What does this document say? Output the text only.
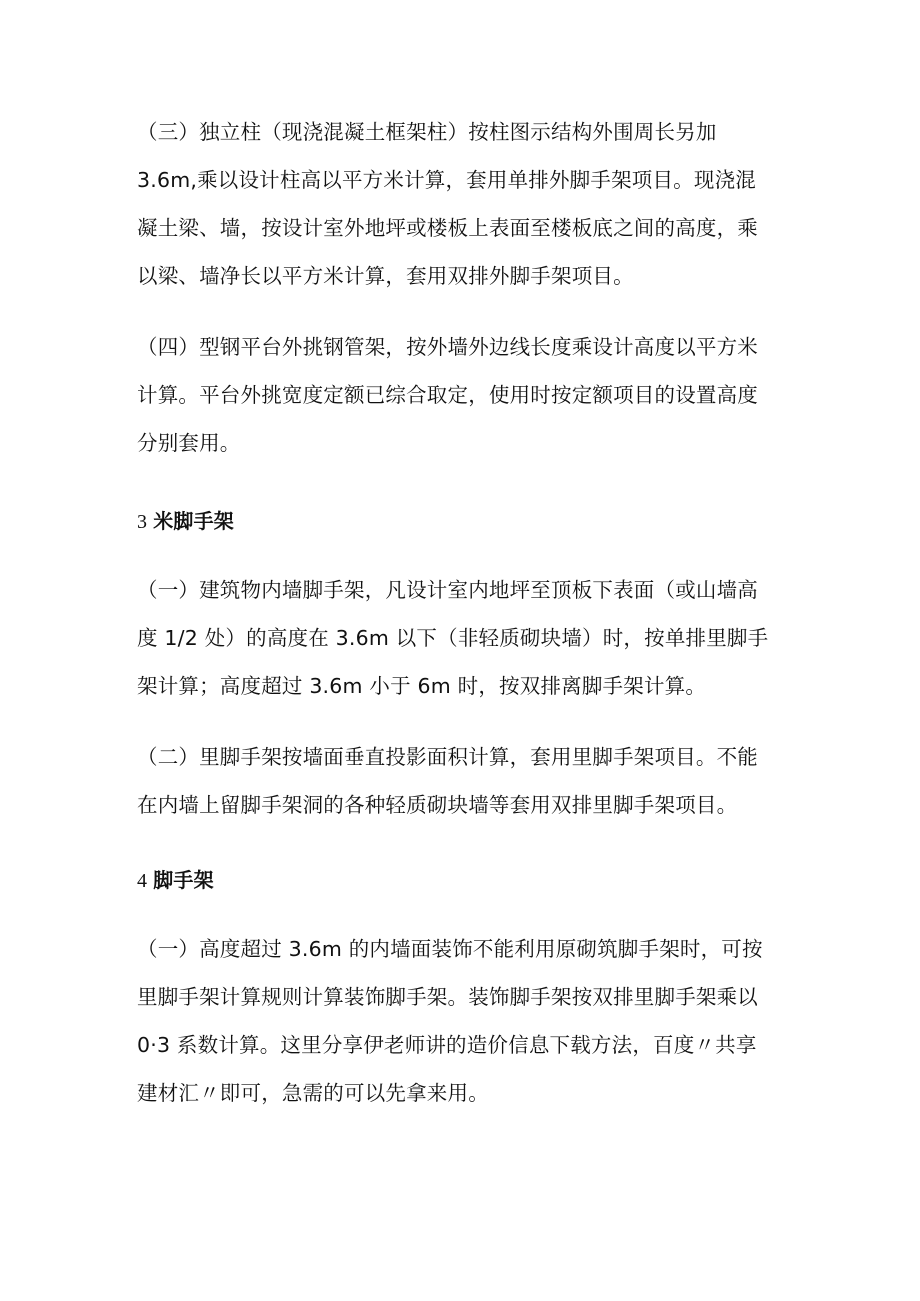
（三）独立柱（现浇混凝土框架柱）按柱图示结构外围周长另加
3.6m,乘以设计柱高以平方米计算，套用单排外脚手架项目。现浇混
凝土梁、墙，按设计室外地坪或楼板上表面至楼板底之间的高度，乘
以梁、墙净长以平方米计算，套用双排外脚手架项目。
（四）型钢平台外挑钢管架，按外墙外边线长度乘设计高度以平方米
计算。平台外挑宽度定额已综合取定，使用时按定额项目的设置高度
分别套用。
3 米脚手架
（一）建筑物内墙脚手架，凡设计室内地坪至顶板下表面（或山墙高
度 1/2 处）的高度在 3.6m 以下（非轻质砌块墙）时，按单排里脚手
架计算；高度超过 3.6m 小于 6m 时，按双排离脚手架计算。
（二）里脚手架按墙面垂直投影面积计算，套用里脚手架项目。不能
在内墙上留脚手架洞的各种轻质砌块墙等套用双排里脚手架项目。
4 脚手架
（一）高度超过 3.6m 的内墙面装饰不能利用原砌筑脚手架时，可按
里脚手架计算规则计算装饰脚手架。装饰脚手架按双排里脚手架乘以
0·3 系数计算。这里分享伊老师讲的造价信息下载方法，百度〃共享
建材汇〃即可，急需的可以先拿来用。
